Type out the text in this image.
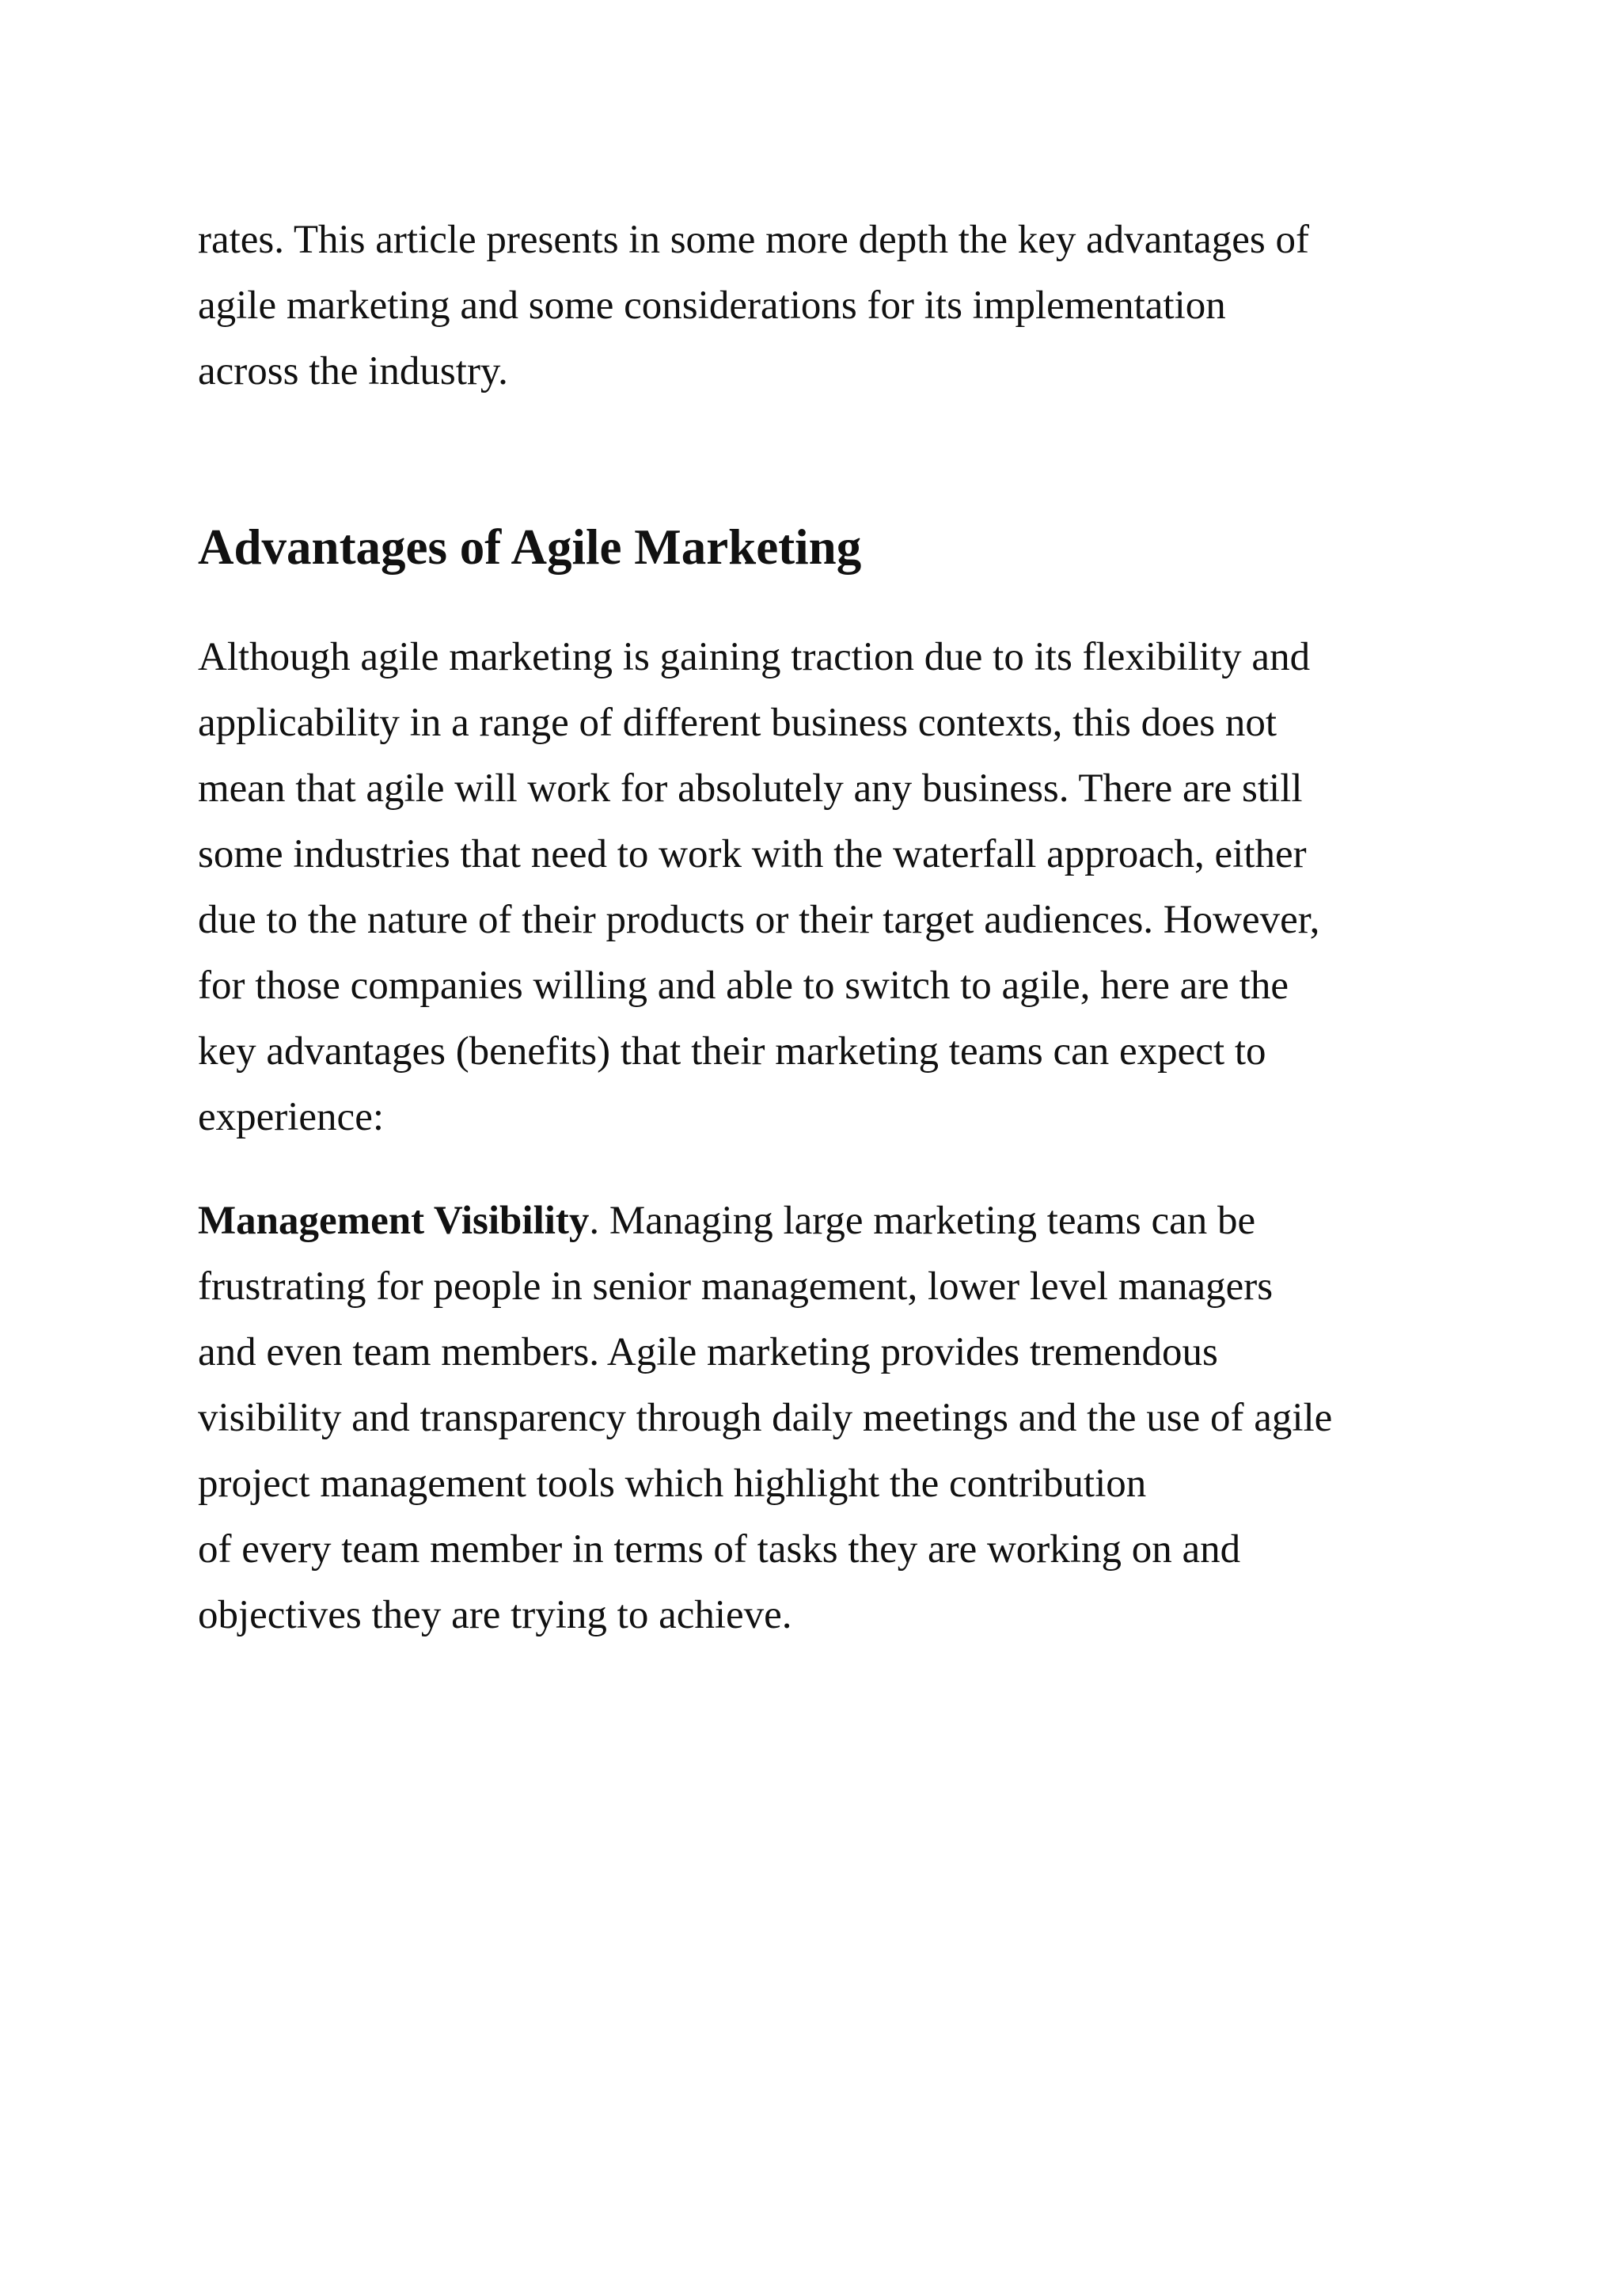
rates. This article presents in some more depth the key advantages of
agile marketing and some considerations for its implementation
across the industry.

Advantages of Agile Marketing

Although agile marketing is gaining traction due to its flexibility and
applicability in a range of different business contexts, this does not
mean that agile will work for absolutely any business. There are still
some industries that need to work with the waterfall approach, either
due to the nature of their products or their target audiences. However,
for those companies willing and able to switch to agile, here are the
key advantages (benefits) that their marketing teams can expect to
experience:

Management Visibility. Managing large marketing teams can be
frustrating for people in senior management, lower level managers
and even team members. Agile marketing provides tremendous
visibility and transparency through daily meetings and the use of agile
project management tools which highlight the contribution
of every team member in terms of tasks they are working on and
objectives they are trying to achieve.
